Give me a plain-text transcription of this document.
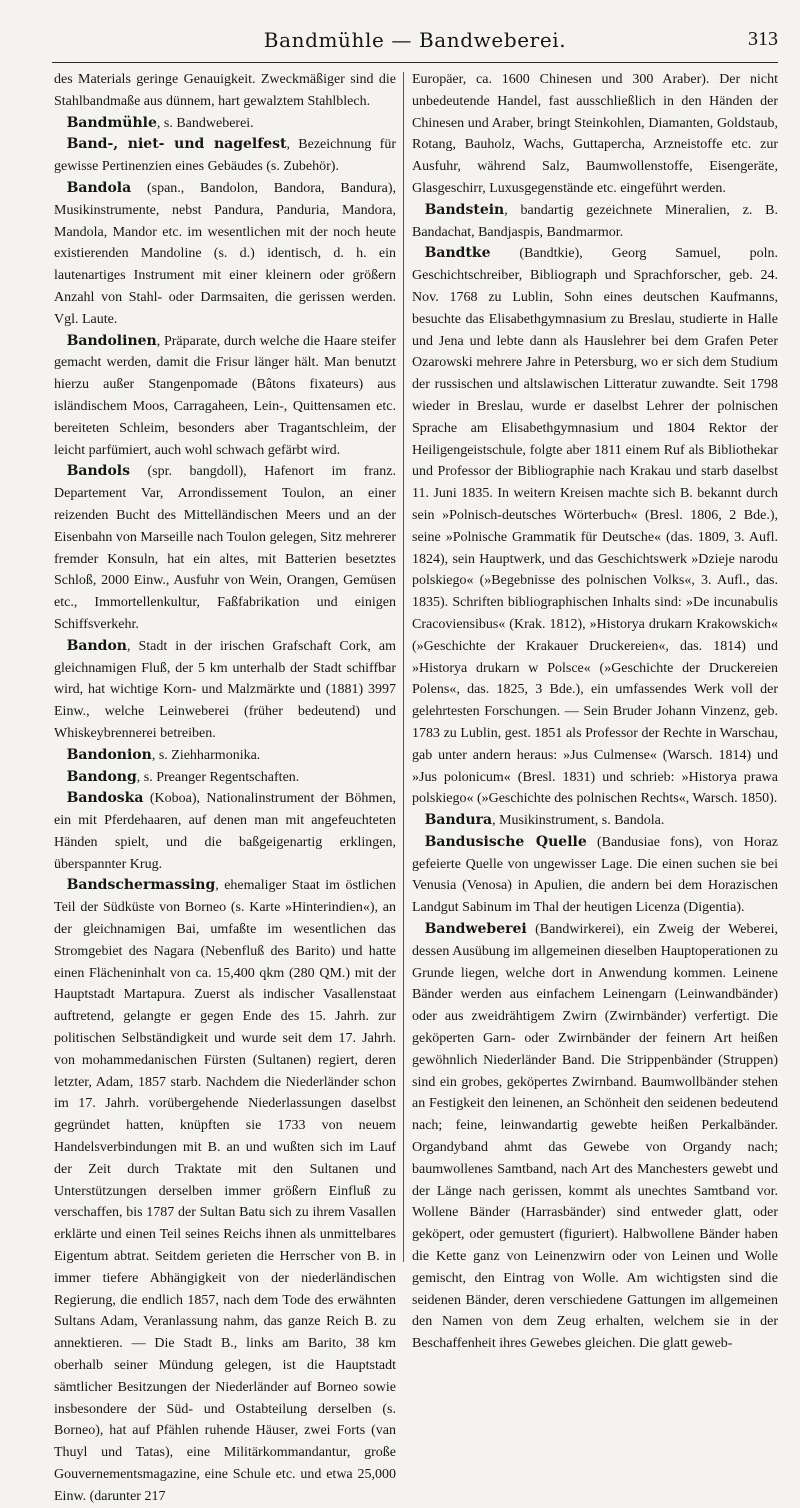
Bandmühle — Bandweberei.	313

des Materials geringe Genauigkeit. Zweckmäßiger sind die Stahlbandmaße aus dünnem, hart gewalztem Stahlblech.

Bandmühle, s. Bandweberei.

Band-, niet- und nagelfest, Bezeichnung für gewisse Pertinenzien eines Gebäudes (s. Zubehör).

Bandola (span., Bandolon, Bandora, Bandura), Musikinstrumente, nebst Pandura, Panduria, Mandora, Mandola, Mandor etc. im wesentlichen mit der noch heute existierenden Mandoline (s. d.) identisch, d. h. ein lautenartiges Instrument mit einer kleinern oder größern Anzahl von Stahl- oder Darmsaiten, die gerissen werden. Vgl. Laute.

Bandolinen, Präparate, durch welche die Haare steifer gemacht werden, damit die Frisur länger hält. Man benutzt hierzu außer Stangenpomade (Bâtons fixateurs) aus isländischem Moos, Carragaheen, Lein-, Quittensamen etc. bereiteten Schleim, besonders aber Tragantschleim, der leicht parfümiert, auch wohl schwach gefärbt wird.

Bandols (spr. bangdoll), Hafenort im franz. Departement Var, Arrondissement Toulon, an einer reizenden Bucht des Mittelländischen Meers und an der Eisenbahn von Marseille nach Toulon gelegen, Sitz mehrerer fremder Konsuln, hat ein altes, mit Batterien besetztes Schloß, 2000 Einw., Ausfuhr von Wein, Orangen, Gemüsen etc., Immortellenkultur, Faßfabrikation und einigen Schiffsverkehr.

Bandon, Stadt in der irischen Grafschaft Cork, am gleichnamigen Fluß, der 5 km unterhalb der Stadt schiffbar wird, hat wichtige Korn- und Malzmärkte und (1881) 3997 Einw., welche Leinweberei (früher bedeutend) und Whiskeybrennerei betreiben.

Bandonion, s. Ziehharmonika.

Bandong, s. Preanger Regentschaften.

Bandoska (Koboa), Nationalinstrument der Böhmen, ein mit Pferdehaaren, auf denen man mit angefeuchteten Händen spielt, und die baßgeigenartig erklingen, überspannter Krug.

Bandschermassing, ehemaliger Staat im östlichen Teil der Südküste von Borneo (s. Karte »Hinterindien«), an der gleichnamigen Bai, umfaßte im wesentlichen das Stromgebiet des Nagara (Nebenfluß des Barito) und hatte einen Flächeninhalt von ca. 15,400 qkm (280 QM.) mit der Hauptstadt Martapura. Zuerst als indischer Vasallenstaat auftretend, gelangte er gegen Ende des 15. Jahrh. zur politischen Selbständigkeit und wurde seit dem 17. Jahrh. von mohammedanischen Fürsten (Sultanen) regiert, deren letzter, Adam, 1857 starb. Nachdem die Niederländer schon im 17. Jahrh. vorübergehende Niederlassungen daselbst gegründet hatten, knüpften sie 1733 von neuem Handelsverbindungen mit B. an und wußten sich im Lauf der Zeit durch Traktate mit den Sultanen und Unterstützungen derselben immer größern Einfluß zu verschaffen, bis 1787 der Sultan Batu sich zu ihrem Vasallen erklärte und einen Teil seines Reichs ihnen als unmittelbares Eigentum abtrat. Seitdem gerieten die Herrscher von B. in immer tiefere Abhängigkeit von der niederländischen Regierung, die endlich 1857, nach dem Tode des erwähnten Sultans Adam, Veranlassung nahm, das ganze Reich B. zu annektieren. — Die Stadt B., links am Barito, 38 km oberhalb seiner Mündung gelegen, ist die Hauptstadt sämtlicher Besitzungen der Niederländer auf Borneo sowie insbesondere der Süd- und Ostabteilung derselben (s. Borneo), hat auf Pfählen ruhende Häuser, zwei Forts (van Thuyl und Tatas), eine Militärkommandantur, große Gouvernementsmagazine, eine Schule etc. und etwa 25,000 Einw. (darunter 217

Europäer, ca. 1600 Chinesen und 300 Araber). Der nicht unbedeutende Handel, fast ausschließlich in den Händen der Chinesen und Araber, bringt Steinkohlen, Diamanten, Goldstaub, Rotang, Bauholz, Wachs, Guttapercha, Arzneistoffe etc. zur Ausfuhr, während Salz, Baumwollenstoffe, Eisengeräte, Glasgeschirr, Luxusgegenstände etc. eingeführt werden.

Bandstein, bandartig gezeichnete Mineralien, z. B. Bandachat, Bandjaspis, Bandmarmor.

Bandtke (Bandtkie), Georg Samuel, poln. Geschichtschreiber, Bibliograph und Sprachforscher, geb. 24. Nov. 1768 zu Lublin, Sohn eines deutschen Kaufmanns, besuchte das Elisabethgymnasium zu Breslau, studierte in Halle und Jena und lebte dann als Hauslehrer bei dem Grafen Peter Ozarowski mehrere Jahre in Petersburg, wo er sich dem Studium der russischen und altslawischen Litteratur zuwandte. Seit 1798 wieder in Breslau, wurde er daselbst Lehrer der polnischen Sprache am Elisabethgymnasium und 1804 Rektor der Heiligengeistschule, folgte aber 1811 einem Ruf als Bibliothekar und Professor der Bibliographie nach Krakau und starb daselbst 11. Juni 1835. In weitern Kreisen machte sich B. bekannt durch sein »Polnisch-deutsches Wörterbuch« (Bresl. 1806, 2 Bde.), seine »Polnische Grammatik für Deutsche« (das. 1809, 3. Aufl. 1824), sein Hauptwerk, und das Geschichtswerk »Dzieje narodu polskiego« (»Begebnisse des polnischen Volks«, 3. Aufl., das. 1835). Schriften bibliographischen Inhalts sind: »De incunabulis Cracoviensibus« (Krak. 1812), »Historya drukarn Krakowskich« (»Geschichte der Krakauer Druckereien«, das. 1814) und »Historya drukarn w Polsce« (»Geschichte der Druckereien Polens«, das. 1825, 3 Bde.), ein umfassendes Werk voll der gelehrtesten Forschungen. — Sein Bruder Johann Vinzenz, geb. 1783 zu Lublin, gest. 1851 als Professor der Rechte in Warschau, gab unter andern heraus: »Jus Culmense« (Warsch. 1814) und »Jus polonicum« (Bresl. 1831) und schrieb: »Historya prawa polskiego« (»Geschichte des polnischen Rechts«, Warsch. 1850).

Bandura, Musikinstrument, s. Bandola.

Bandusische Quelle (Bandusiae fons), von Horaz gefeierte Quelle von ungewisser Lage. Die einen suchen sie bei Venusia (Venosa) in Apulien, die andern bei dem Horazischen Landgut Sabinum im Thal der heutigen Licenza (Digentia).

Bandweberei (Bandwirkerei), ein Zweig der Weberei, dessen Ausübung im allgemeinen dieselben Hauptoperationen zu Grunde liegen, welche dort in Anwendung kommen. Leinene Bänder werden aus einfachem Leinengarn (Leinwandbänder) oder aus zweidrähtigem Zwirn (Zwirnbänder) verfertigt. Die geköperten Garn- oder Zwirnbänder der feinern Art heißen gewöhnlich Niederländer Band. Die Strippenbänder (Struppen) sind ein grobes, geköpertes Zwirnband. Baumwollbänder stehen an Festigkeit den leinenen, an Schönheit den seidenen bedeutend nach; feine, leinwandartig gewebte heißen Perkalbänder. Organdyband ahmt das Gewebe von Organdy nach; baumwollenes Samtband, nach Art des Manchesters gewebt und der Länge nach gerissen, kommt als unechtes Samtband vor. Wollene Bänder (Harrasbänder) sind entweder glatt, oder geköpert, oder gemustert (figuriert). Halbwollene Bänder haben die Kette ganz von Leinenzwirn oder von Leinen und Wolle gemischt, den Eintrag von Wolle. Am wichtigsten sind die seidenen Bänder, deren verschiedene Gattungen im allgemeinen den Namen von dem Zeug erhalten, welchem sie in der Beschaffenheit ihres Gewebes gleichen. Die glatt geweb-
